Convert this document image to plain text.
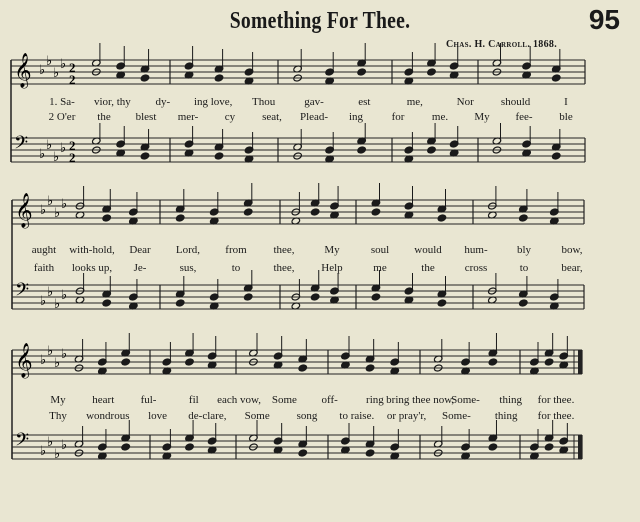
Something For Thee.	95
Chas. H. Carroll. 1868.
𝄞 ♭
♭
♭
♭ 2
2
𝄢 ♭
♭
♭
♭ 2
2
𝄞 ♭
♭
♭
♭
𝄢 ♭
♭
♭
♭
𝄞 ♭
♭
♭
♭
𝄢 ♭
♭
♭
♭
1. Sa- vior, thy dy- ing love, Thou	gav-	est	me,	Nor should	I
2 O'er the blest mer- cy seat, Plead- ing	for me. My fee- ble
aught with-hold, Dear Lord, from thee,	My	soul would hum-	bly	bow,
faith looks up, Je-	sus,	to	thee, Help	me	the	cross	to	bear,
My heart ful-	fil each vow, Some off-	ring bring thee now,
Some- thing for thee.
Thy wondrous love de-clare, Some song to raise. or pray'r, Some- thing for thee.
